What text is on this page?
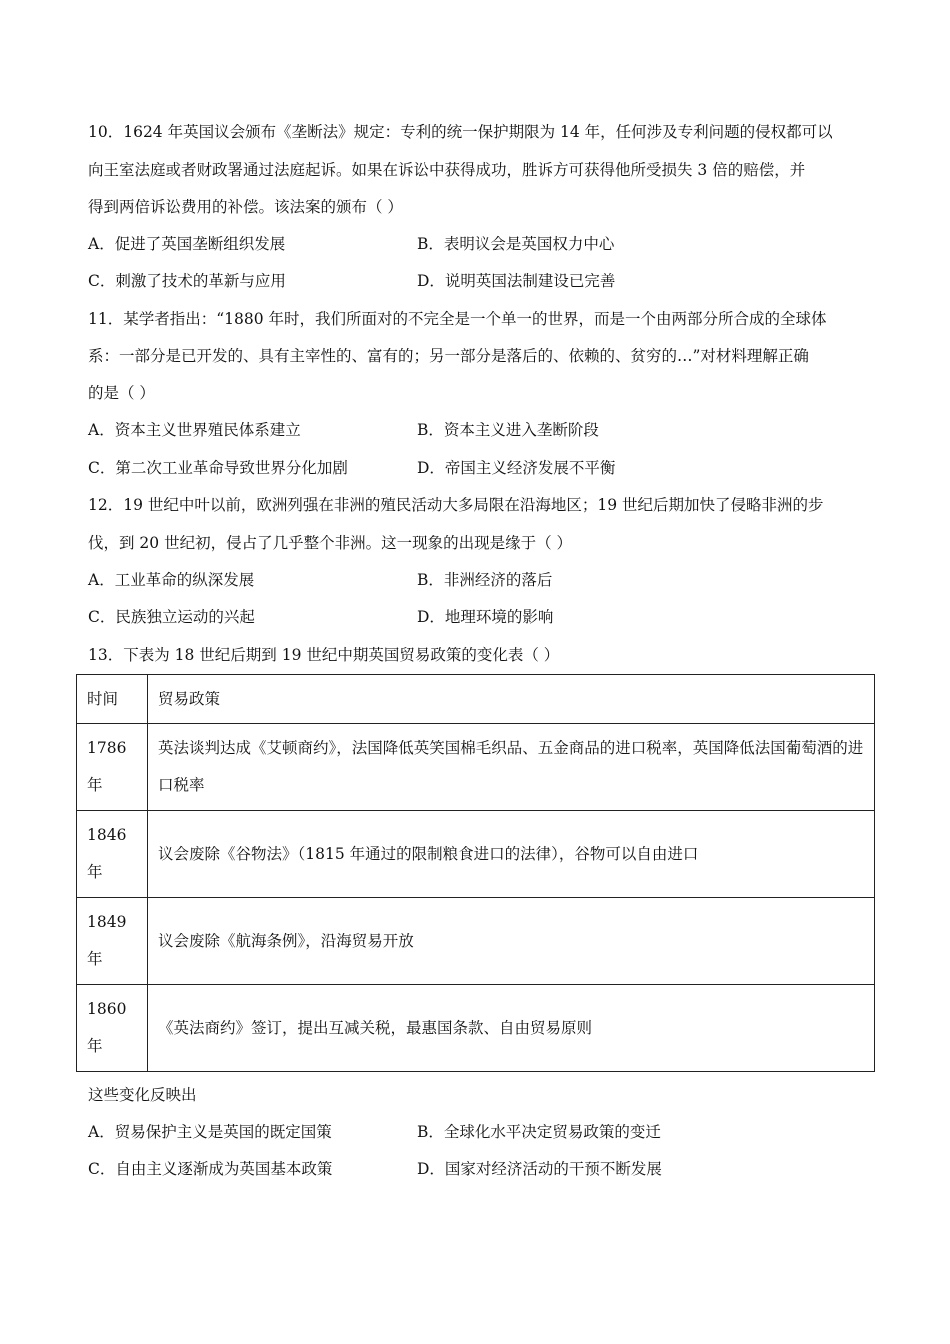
10．1624 年英国议会颁布《垄断法》规定：专利的统一保护期限为 14 年，任何涉及专利问题的侵权都可以
向王室法庭或者财政署通过法庭起诉。如果在诉讼中获得成功，胜诉方可获得他所受损失 3 倍的赔偿，并
得到两倍诉讼费用的补偿。该法案的颁布（ ）
A．促进了英国垄断组织发展	B．表明议会是英国权力中心
C．刺激了技术的革新与应用	D．说明英国法制建设已完善
11．某学者指出：“1880 年时，我们所面对的不完全是一个单一的世界，而是一个由两部分所合成的全球体
系：一部分是已开发的、具有主宰性的、富有的；另一部分是落后的、依赖的、贫穷的…”对材料理解正确
的是（ ）
A．资本主义世界殖民体系建立	B．资本主义进入垄断阶段
C．第二次工业革命导致世界分化加剧	D．帝国主义经济发展不平衡
12．19 世纪中叶以前，欧洲列强在非洲的殖民活动大多局限在沿海地区；19 世纪后期加快了侵略非洲的步
伐，到 20 世纪初，侵占了几乎整个非洲。这一现象的出现是缘于（ ）
A．工业革命的纵深发展	B．非洲经济的落后
C．民族独立运动的兴起	D．地理环境的影响
13．下表为 18 世纪后期到 19 世纪中期英国贸易政策的变化表（ ）
时间	贸易政策
1786 年	英法谈判达成《艾顿商约》，法国降低英笑国棉毛织品、五金商品的进口税率，英国降低法国葡萄酒的进口税率
1846 年	议会废除《谷物法》（1815 年通过的限制粮食进口的法律），谷物可以自由进口
1849 年	议会废除《航海条例》，沿海贸易开放
1860 年	《英法商约》签订，提出互减关税，最惠国条款、自由贸易原则
这些变化反映出
A．贸易保护主义是英国的既定国策	B．全球化水平决定贸易政策的变迁
C．自由主义逐渐成为英国基本政策	D．国家对经济活动的干预不断发展
